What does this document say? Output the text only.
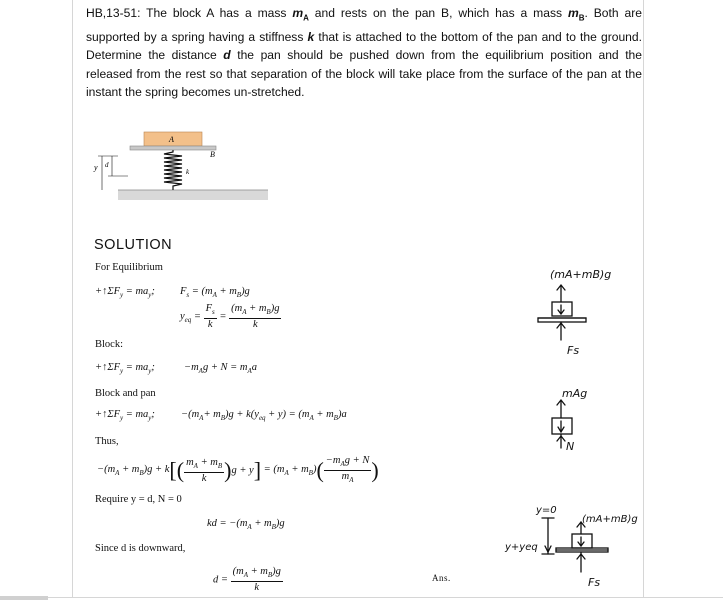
HB,13-51: The block A has a mass $m_A$ and rests on the pan B, which has a mass $m_B$. Both are supported by a spring having a stiffness k that is attached to the bottom of the pan and to the ground. Determine the distance d the pan should be pushed down from the equilibrium position and the released from the rest so that separation of the block will take place from the surface of the pan at the instant the spring becomes un-stretched.
y d
A
B
k
SOLUTION
For Equilibrium
$+↑\Sigma F_y = ma_y$; $F_s = (m_A + m_B)g$
$y_{eq} = \frac{F_s}{k} = \frac{(m_A + m_B)g}{k}$
Block:
$+↑\Sigma F_y = ma_y$;	$-m_Ag + N = m_Aa$
Block and pan
$+↑\Sigma F_y = ma_y$; $-(m_A+ m_B)g + k(y_{eq} + y) = (m_A + m_B)a$
Thus,
$-(m_A + m_B)g + k[( \frac{m_A + m_B}{k} )g + y] = (m_A + m_B)( \frac{-m_Ag + N}{m_A}$ )
Require y = d, N = 0
kd = $-(m_A + m_B)g$
Since d is downward,
$d = \frac{(m_A + m_B)g}{k}$	Ans.
(mA+mB)g
Fs
mAg
N
y=0
(mA+mB)g
y+yeq
Fs
